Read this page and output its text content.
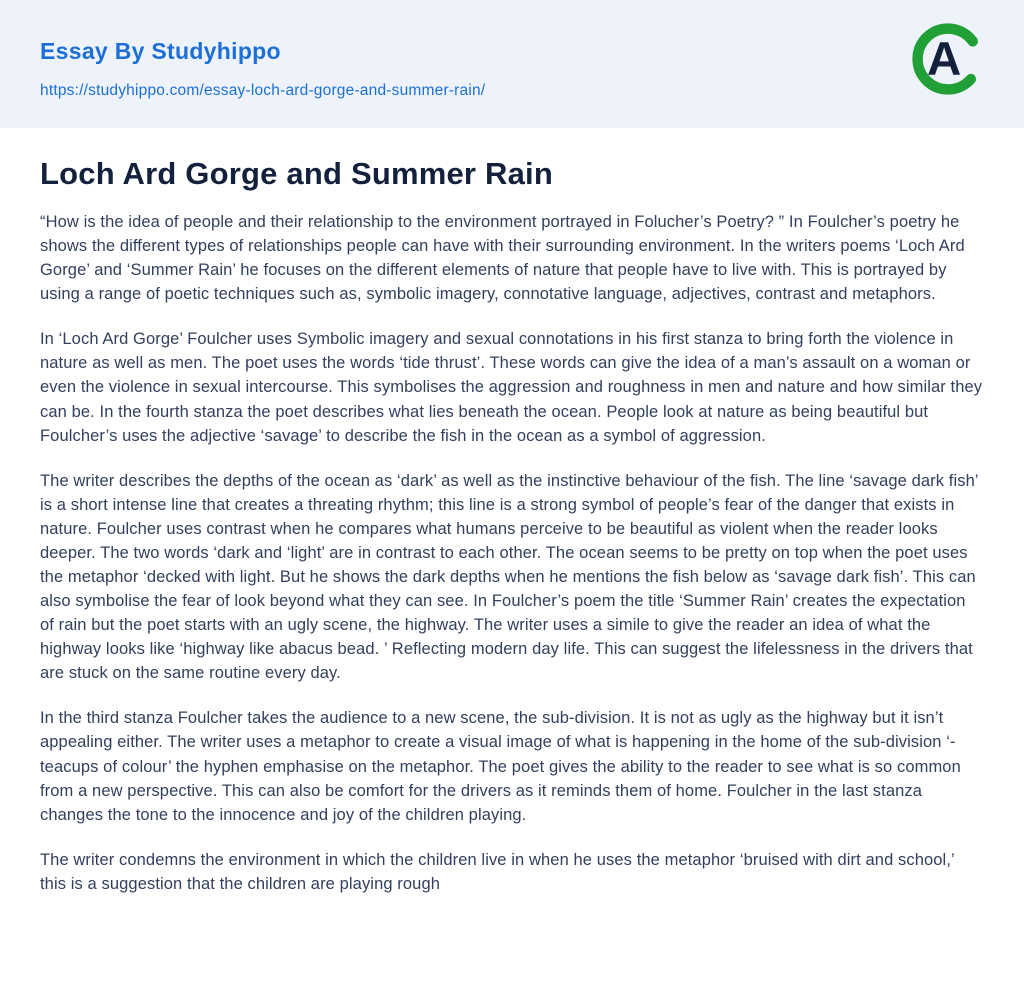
Essay By Studyhippo
https://studyhippo.com/essay-loch-ard-gorge-and-summer-rain/
A
Loch Ard Gorge and Summer Rain

“How is the idea of people and their relationship to the environment portrayed in Folucher’s Poetry? ” In Foulcher’s poetry he shows the different types of relationships people can have with their surrounding environment. In the writers poems ‘Loch Ard Gorge’ and ‘Summer Rain’ he focuses on the different elements of nature that people have to live with. This is portrayed by using a range of poetic techniques such as, symbolic imagery, connotative language, adjectives, contrast and metaphors.

In ‘Loch Ard Gorge’ Foulcher uses Symbolic imagery and sexual connotations in his first stanza to bring forth the violence in nature as well as men. The poet uses the words ‘tide thrust’. These words can give the idea of a man’s assault on a woman or even the violence in sexual intercourse. This symbolises the aggression and roughness in men and nature and how similar they can be. In the fourth stanza the poet describes what lies beneath the ocean. People look at nature as being beautiful but Foulcher’s uses the adjective ‘savage’ to describe the fish in the ocean as a symbol of aggression.

The writer describes the depths of the ocean as ‘dark’ as well as the instinctive behaviour of the fish. The line ‘savage dark fish’ is a short intense line that creates a threating rhythm; this line is a strong symbol of people’s fear of the danger that exists in nature. Foulcher uses contrast when he compares what humans perceive to be beautiful as violent when the reader looks deeper. The two words ‘dark and ‘light’ are in contrast to each other. The ocean seems to be pretty on top when the poet uses the metaphor ‘decked with light. But he shows the dark depths when he mentions the fish below as ‘savage dark fish’. This can also symbolise the fear of look beyond what they can see. In Foulcher’s poem the title ‘Summer Rain’ creates the expectation of rain but the poet starts with an ugly scene, the highway. The writer uses a simile to give the reader an idea of what the highway looks like ‘highway like abacus bead. ’ Reflecting modern day life. This can suggest the lifelessness in the drivers that are stuck on the same routine every day.

In the third stanza Foulcher takes the audience to a new scene, the sub-division. It is not as ugly as the highway but it isn’t appealing either. The writer uses a metaphor to create a visual image of what is happening in the home of the sub-division ‘-teacups of colour’ the hyphen emphasise on the metaphor. The poet gives the ability to the reader to see what is so common from a new perspective. This can also be comfort for the drivers as it reminds them of home. Foulcher in the last stanza changes the tone to the innocence and joy of the children playing.

The writer condemns the environment in which the children live in when he uses the metaphor ‘bruised with dirt and school,’ this is a suggestion that the children are playing rough
